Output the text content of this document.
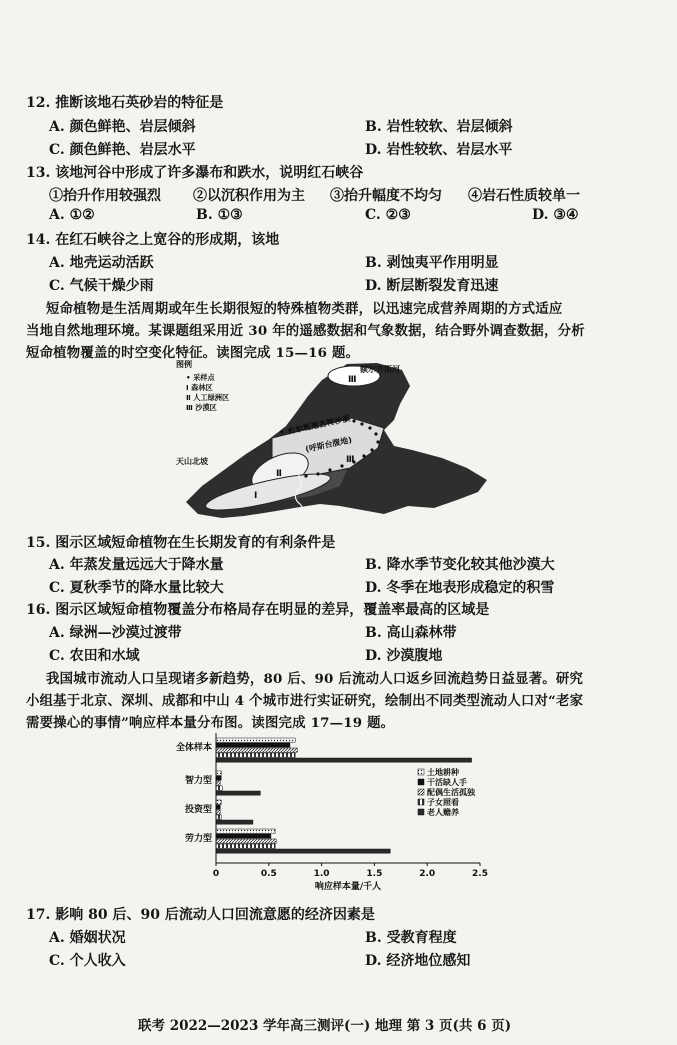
12. 推断该地石英砂岩的特征是
A. 颜色鲜艳、岩层倾斜	B. 岩性较软、岩层倾斜
C. 颜色鲜艳、岩层水平	D. 岩性较软、岩层水平
13. 该地河谷中形成了许多瀑布和跌水，说明红石峡谷
①抬升作用较强烈 ②以沉积作用为主 ③抬升幅度不均匀 ④岩石性质较单一
A. ①②	B. ①③	C. ②③	D. ③④
14. 在红石峡谷之上宽谷的形成期，该地
A. 地壳运动活跃	B. 剥蚀夷平作用明显
C. 气候干燥少雨	D. 断层断裂发育迅速
短命植物是生活周期或年生长期很短的特殊植物类群，以迅速完成营养周期的方式适应
当地自然地理环境。某课题组采用近 30 年的遥感数据和气象数据，结合野外调查数据，分析
短命植物覆盖的时空变化特征。读图完成 15—16 题。
图例
• 采样点
Ⅰ 森林区
Ⅱ 人工绿洲区
Ⅲ 沙漠区
额尔齐斯河
古尔班通古特沙漠
(呼斯台腹地)
天山北坡
Ⅲ
Ⅲ
Ⅱ
Ⅰ
15. 图示区域短命植物在生长期发育的有利条件是
A. 年蒸发量远远大于降水量	B. 降水季节变化较其他沙漠大
C. 夏秋季节的降水量比较大	D. 冬季在地表形成稳定的积雪
16. 图示区域短命植物覆盖分布格局存在明显的差异，覆盖率最高的区域是
A. 绿洲—沙漠过渡带	B. 高山森林带
C. 农田和水域	D. 沙漠腹地
我国城市流动人口呈现诸多新趋势，80 后、90 后流动人口返乡回流趋势日益显著。研究
小组基于北京、深圳、成都和中山 4 个城市进行实证研究，绘制出不同类型流动人口对“老家
需要操心的事情”响应样本量分布图。读图完成 17—19 题。
全体样本
智力型
投资型
劳力型
0	0.5	1.0	1.5	2.0	2.5
响应样本量/千人
土地耕种
干活缺人手
配偶生活孤独
子女照看
老人赡养
17. 影响 80 后、90 后流动人口回流意愿的经济因素是
A. 婚姻状况	B. 受教育程度
C. 个人收入	D. 经济地位感知
联考 2022—2023 学年高三测评(一) 地理 第 3 页(共 6 页)
